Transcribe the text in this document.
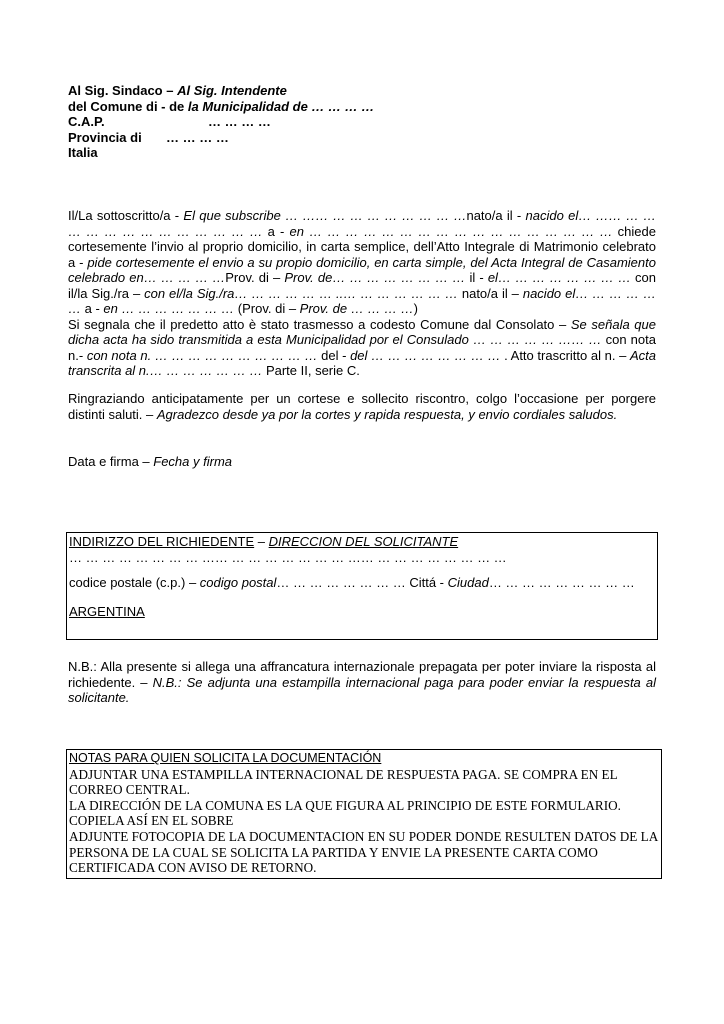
Al Sig. Sindaco – Al Sig. Intendente
del Comune di - de la Municipalidad de … … … …
C.A.P.	… … … …
Provincia di … … … …
Italia

Il/La sottoscritto/a - El que subscribe … …… … … … … … … … …nato/a il - nacido el… …… … … … … … … … … … … … … … a - en … … … … … … … … … … … … … … … … … chiede cortesemente l’invio al proprio domicilio, in carta semplice, dell’Atto Integrale di Matrimonio celebrato a - pide cortesemente el envio a su propio domicilio, en carta simple, del Acta Integral de Casamiento celebrado en… … … … …Prov. di – Prov. de… … … … … … … … il - el… … … … … … … … con il/la Sig./ra – con el/la Sig./ra… … … … … … ..… … … … … … … nato/a il – nacido el… … … … … … a - en … … … … … … … (Prov. di – Prov. de … … … …)
Si segnala che il predetto atto è stato trasmesso a codesto Comune dal Consolato – Se señala que dicha acta ha sido transmitida a esta Municipalidad por el Consulado … … … … … …… … con nota n.- con nota n. … … … … … … … … … … del - del … … … … … … … … . Atto trascritto al n. – Acta transcrita al n.… … … … … … … Parte II, serie C.

Ringraziando anticipatamente per un cortese e sollecito riscontro, colgo l’occasione per porgere distinti saluti. – Agradezco desde ya por la cortes y rapida respuesta, y envio cordiales saludos.

Data e firma – Fecha y firma

INDIRIZZO DEL RICHIEDENTE – DIRECCION DEL SOLICITANTE
… … … … … … … … …… … … … … … … … …… … … … … … … … …
codice postale (c.p.) – codigo postal… … … … … … … … Cittá - Ciudad… … … … … … … … …
ARGENTINA

N.B.: Alla presente si allega una affrancatura internazionale prepagata per poter inviare la risposta al richiedente. – N.B.: Se adjunta una estampilla internacional paga para poder enviar la respuesta al solicitante.

NOTAS PARA QUIEN SOLICITA LA DOCUMENTACIÓN
ADJUNTAR UNA ESTAMPILLA INTERNACIONAL DE RESPUESTA PAGA. SE COMPRA EN EL CORREO CENTRAL.
LA DIRECCIÓN DE LA COMUNA ES LA QUE FIGURA AL PRINCIPIO DE ESTE FORMULARIO. COPIELA ASÍ EN EL SOBRE
ADJUNTE FOTOCOPIA DE LA DOCUMENTACION EN SU PODER DONDE RESULTEN DATOS DE LA PERSONA DE LA CUAL SE SOLICITA LA PARTIDA Y ENVIE LA PRESENTE CARTA COMO CERTIFICADA CON AVISO DE RETORNO.
